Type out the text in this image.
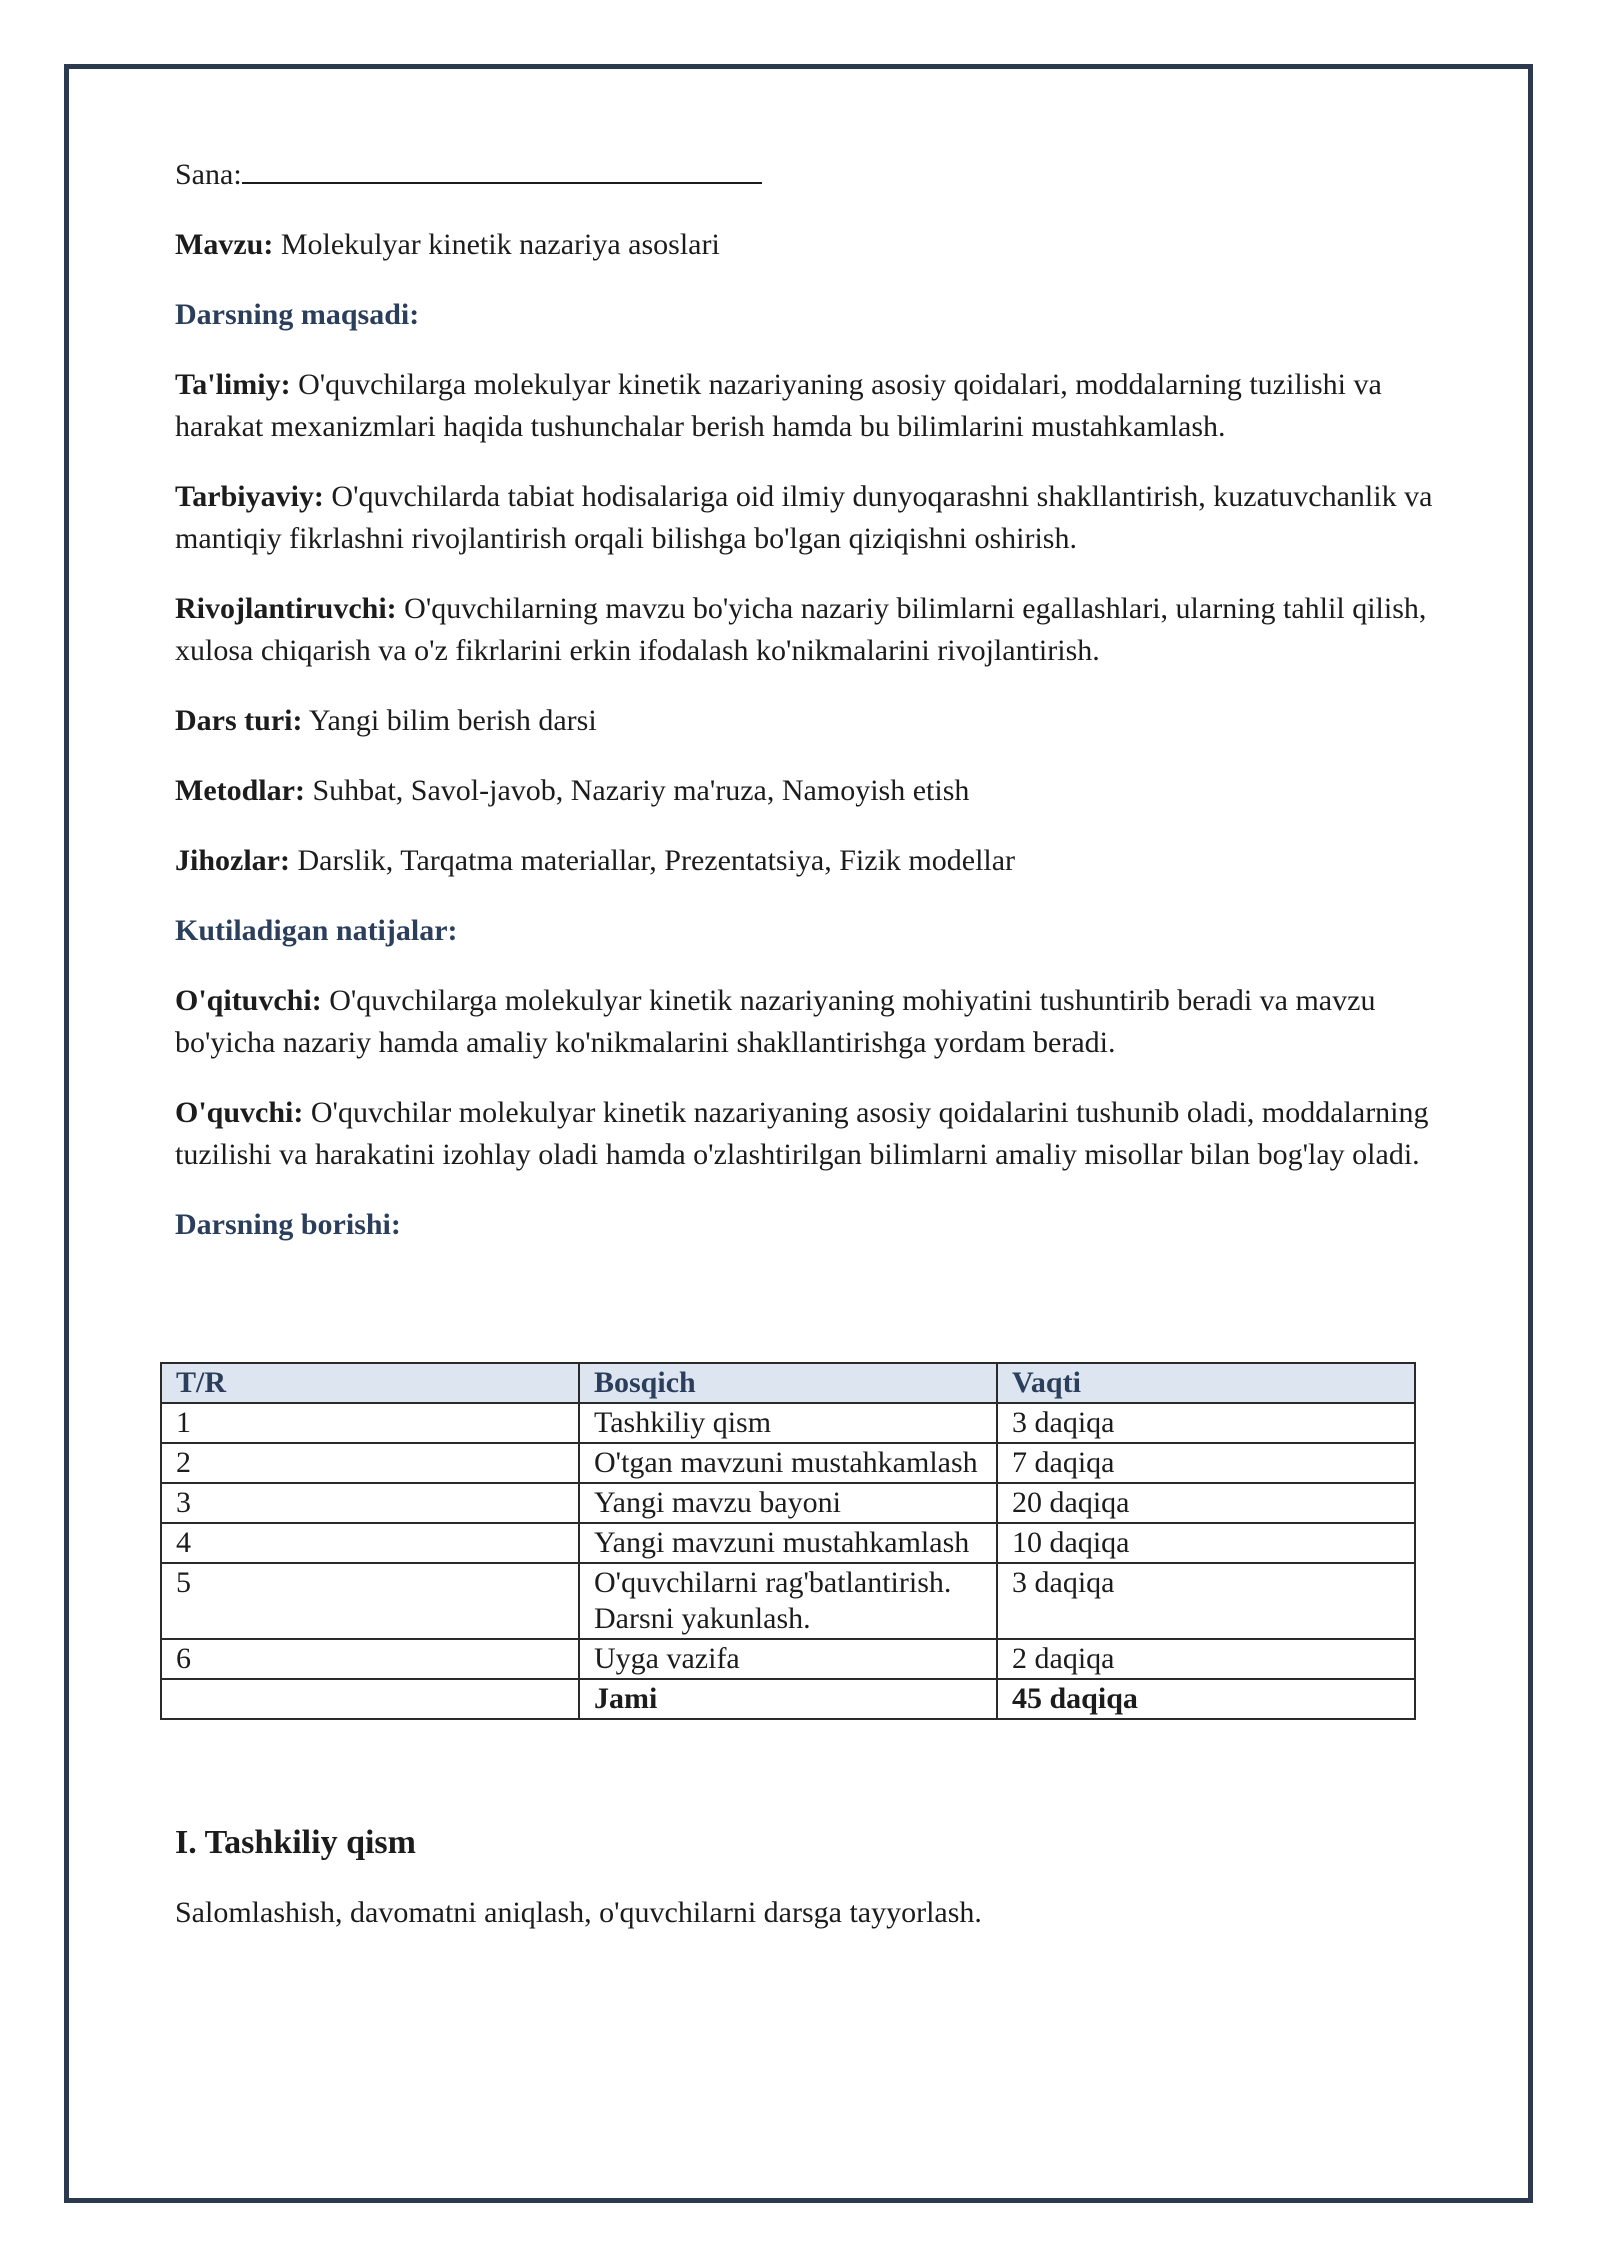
Sana:

Mavzu: Molekulyar kinetik nazariya asoslari

Darsning maqsadi:

Ta'limiy: O'quvchilarga molekulyar kinetik nazariyaning asosiy qoidalari, moddalarning tuzilishi va harakat mexanizmlari haqida tushunchalar berish hamda bu bilimlarini mustahkamlash.

Tarbiyaviy: O'quvchilarda tabiat hodisalariga oid ilmiy dunyoqarashni shakllantirish, kuzatuvchanlik va mantiqiy fikrlashni rivojlantirish orqali bilishga bo'lgan qiziqishni oshirish.

Rivojlantiruvchi: O'quvchilarning mavzu bo'yicha nazariy bilimlarni egallashlari, ularning tahlil qilish, xulosa chiqarish va o'z fikrlarini erkin ifodalash ko'nikmalarini rivojlantirish.

Dars turi: Yangi bilim berish darsi

Metodlar: Suhbat, Savol-javob, Nazariy ma'ruza, Namoyish etish

Jihozlar: Darslik, Tarqatma materiallar, Prezentatsiya, Fizik modellar

Kutiladigan natijalar:

O'qituvchi: O'quvchilarga molekulyar kinetik nazariyaning mohiyatini tushuntirib beradi va mavzu bo'yicha nazariy hamda amaliy ko'nikmalarini shakllantirishga yordam beradi.

O'quvchi: O'quvchilar molekulyar kinetik nazariyaning asosiy qoidalarini tushunib oladi, moddalarning tuzilishi va harakatini izohlay oladi hamda o'zlashtirilgan bilimlarni amaliy misollar bilan bog'lay oladi.

Darsning borishi:

T/R	Bosqich	Vaqti
1	Tashkiliy qism	3 daqiqa
2	O'tgan mavzuni mustahkamlash	7 daqiqa
3	Yangi mavzu bayoni	20 daqiqa
4	Yangi mavzuni mustahkamlash	10 daqiqa
5	O'quvchilarni rag'batlantirish. Darsni yakunlash.	3 daqiqa
6	Uyga vazifa	2 daqiqa
	Jami	45 daqiqa
I. Tashkiliy qism

Salomlashish, davomatni aniqlash, o'quvchilarni darsga tayyorlash.
